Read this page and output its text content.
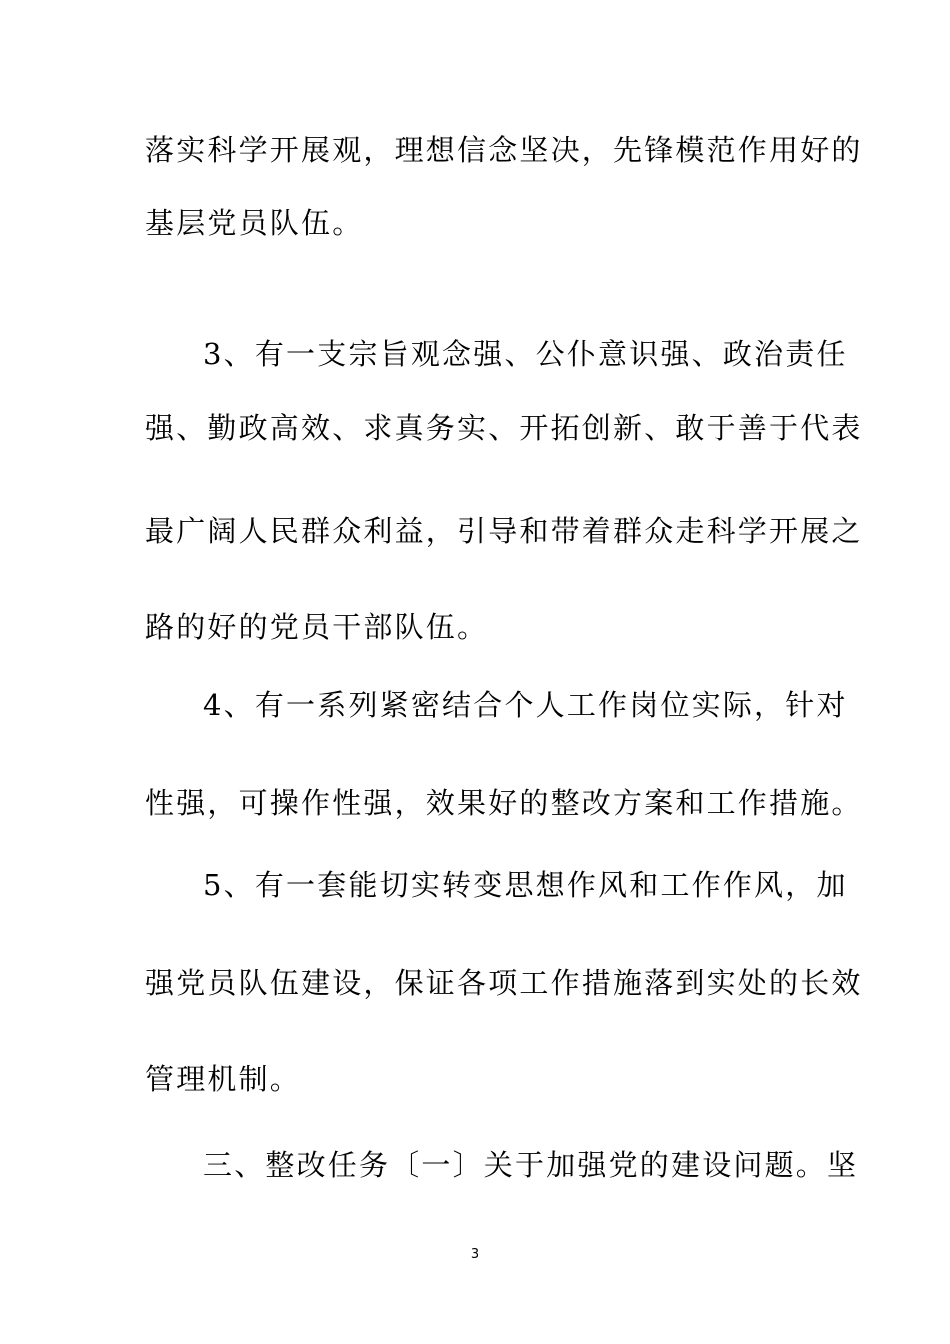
落实科学开展观，理想信念坚决，先锋模范作用好的
基层党员队伍。
3、有一支宗旨观念强、公仆意识强、政治责任
强、勤政高效、求真务实、开拓创新、敢于善于代表
最广阔人民群众利益，引导和带着群众走科学开展之
路的好的党员干部队伍。
4、有一系列紧密结合个人工作岗位实际，针对
性强，可操作性强，效果好的整改方案和工作措施。
5、有一套能切实转变思想作风和工作作风，加
强党员队伍建设，保证各项工作措施落到实处的长效
管理机制。
三、整改任务〔一〕关于加强党的建设问题。坚
3
